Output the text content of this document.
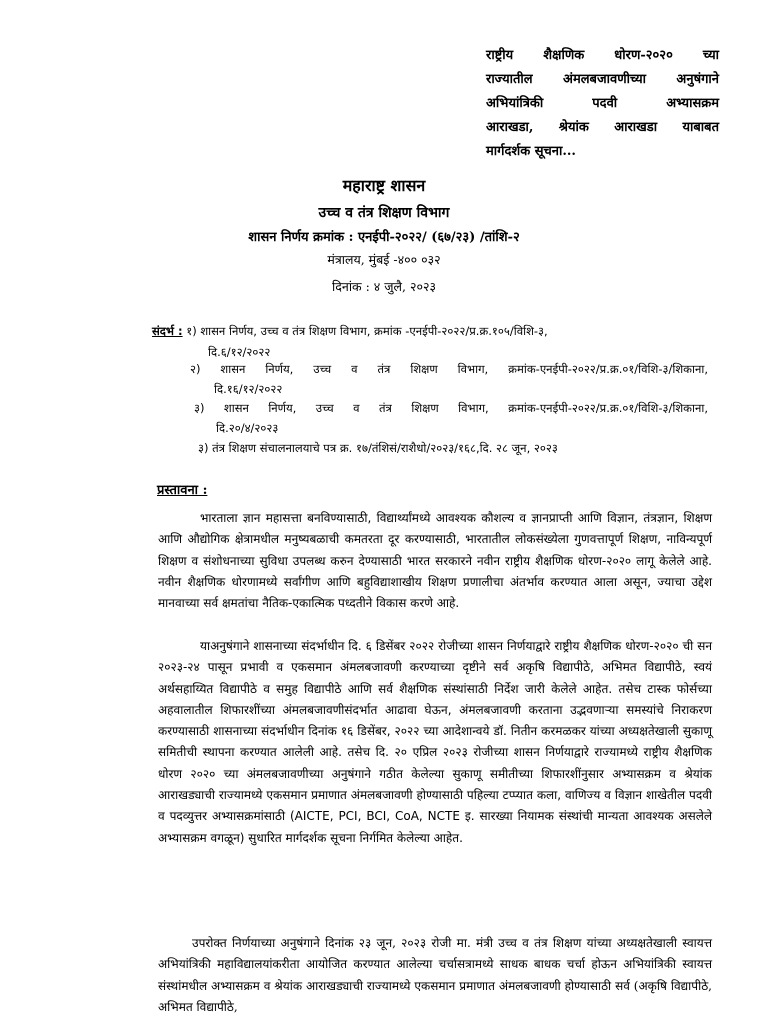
राष्ट्रीय शैक्षणिक धोरण-२०२० च्या
राज्यातील अंमलबजावणीच्या अनुषंगाने
अभियांत्रिकी पदवी अभ्यासक्रम
आराखडा, श्रेयांक आराखडा याबाबत
मार्गदर्शक सूचना...
महाराष्ट्र शासन
उच्च व तंत्र शिक्षण विभाग
शासन निर्णय क्रमांक : एनईपी-२०२२/ (६७/२३) /तांशि-२
मंत्रालय, मुंबई -४०० ०३२
दिनांक : ४ जुलै, २०२३
संदर्भ : १) शासन निर्णय, उच्च व तंत्र शिक्षण विभाग, क्रमांक -एनईपी-२०२२/प्र.क्र.१०५/विशि-३,
दि.६/१२/२०२२
२) शासन निर्णय, उच्च व तंत्र शिक्षण विभाग, क्रमांक-एनईपी-२०२२/प्र.क्र.०१/विशि-३/शिकाना,
दि.१६/१२/२०२२
३) शासन निर्णय, उच्च व तंत्र शिक्षण विभाग, क्रमांक-एनईपी-२०२२/प्र.क्र.०१/विशि-३/शिकाना,
दि.२०/४/२०२३
३) तंत्र शिक्षण संचालनालयाचे पत्र क्र. १७/तंशिसं/राशैधो/२०२३/१६८,दि. २८ जून, २०२३
प्रस्तावना :
भारताला ज्ञान महासत्ता बनविण्यासाठी, विद्यार्थ्यांमध्ये आवश्यक कौशल्य व ज्ञानप्राप्ती आणि विज्ञान, तंत्रज्ञान, शिक्षण आणि औद्योगिक क्षेत्रामधील मनुष्यबळाची कमतरता दूर करण्यासाठी, भारतातील लोकसंख्येला गुणवत्तापूर्ण शिक्षण, नाविन्यपूर्ण शिक्षण व संशोधनाच्या सुविधा उपलब्ध करुन देण्यासाठी भारत सरकारने नवीन राष्ट्रीय शैक्षणिक धोरण-२०२० लागू केलेले आहे. नवीन शैक्षणिक धोरणामध्ये सर्वांगीण आणि बहुविद्याशाखीय शिक्षण प्रणालीचा अंतर्भाव करण्यात आला असून, ज्याचा उद्देश मानवाच्या सर्व क्षमतांचा नैतिक-एकात्मिक पध्दतीने विकास करणे आहे.
याअनुषंगाने शासनाच्या संदर्भाधीन दि. ६ डिसेंबर २०२२ रोजीच्या शासन निर्णयाद्वारे राष्ट्रीय शैक्षणिक धोरण-२०२० ची सन २०२३-२४ पासून प्रभावी व एकसमान अंमलबजावणी करण्याच्या दृष्टीने सर्व अकृषि विद्यापीठे, अभिमत विद्यापीठे, स्वयं अर्थसहाय्यित विद्यापीठे व समुह विद्यापीठे आणि सर्व शैक्षणिक संस्थांसाठी निर्देश जारी केलेले आहेत. तसेच टास्क फोर्सच्या अहवालातील शिफारशींच्या अंमलबजावणीसंदर्भात आढावा घेऊन, अंमलबजावणी करताना उद्भवणाऱ्या समस्यांचे निराकरण करण्यासाठी शासनाच्या संदर्भाधीन दिनांक १६ डिसेंबर, २०२२ च्या आदेशान्वये डॉ. नितीन करमळकर यांच्या अध्यक्षतेखाली सुकाणू समितीची स्थापना करण्यात आलेली आहे. तसेच दि. २० एप्रिल २०२३ रोजीच्या शासन निर्णयाद्वारे राज्यामध्ये राष्ट्रीय शैक्षणिक धोरण २०२० च्या अंमलबजावणीच्या अनुषंगाने गठीत केलेल्या सुकाणू समीतीच्या शिफारशींनुसार अभ्यासक्रम व श्रेयांक आराखड्याची राज्यामध्ये एकसमान प्रमाणात अंमलबजावणी होण्यासाठी पहिल्या टप्प्यात कला, वाणिज्य व विज्ञान शाखेतील पदवी व पदव्युत्तर अभ्यासक्रमांसाठी (AICTE, PCI, BCI, CoA, NCTE इ. सारख्या नियामक संस्थांची मान्यता आवश्यक असलेले अभ्यासक्रम वगळून) सुधारित मार्गदर्शक सूचना निर्गमित केलेल्या आहेत.
उपरोक्त निर्णयाच्या अनुषंगाने दिनांक २३ जून, २०२३ रोजी मा. मंत्री उच्च व तंत्र शिक्षण यांच्या अध्यक्षतेखाली स्वायत्त अभियांत्रिकी महाविद्यालयांकरीता आयोजित करण्यात आलेल्या चर्चासत्रामध्ये साधक बाधक चर्चा होऊन अभियांत्रिकी स्वायत्त संस्थांमधील अभ्यासक्रम व श्रेयांक आराखड्याची राज्यामध्ये एकसमान प्रमाणात अंमलबजावणी होण्यासाठी सर्व (अकृषि विद्यापीठे, अभिमत विद्यापीठे,
